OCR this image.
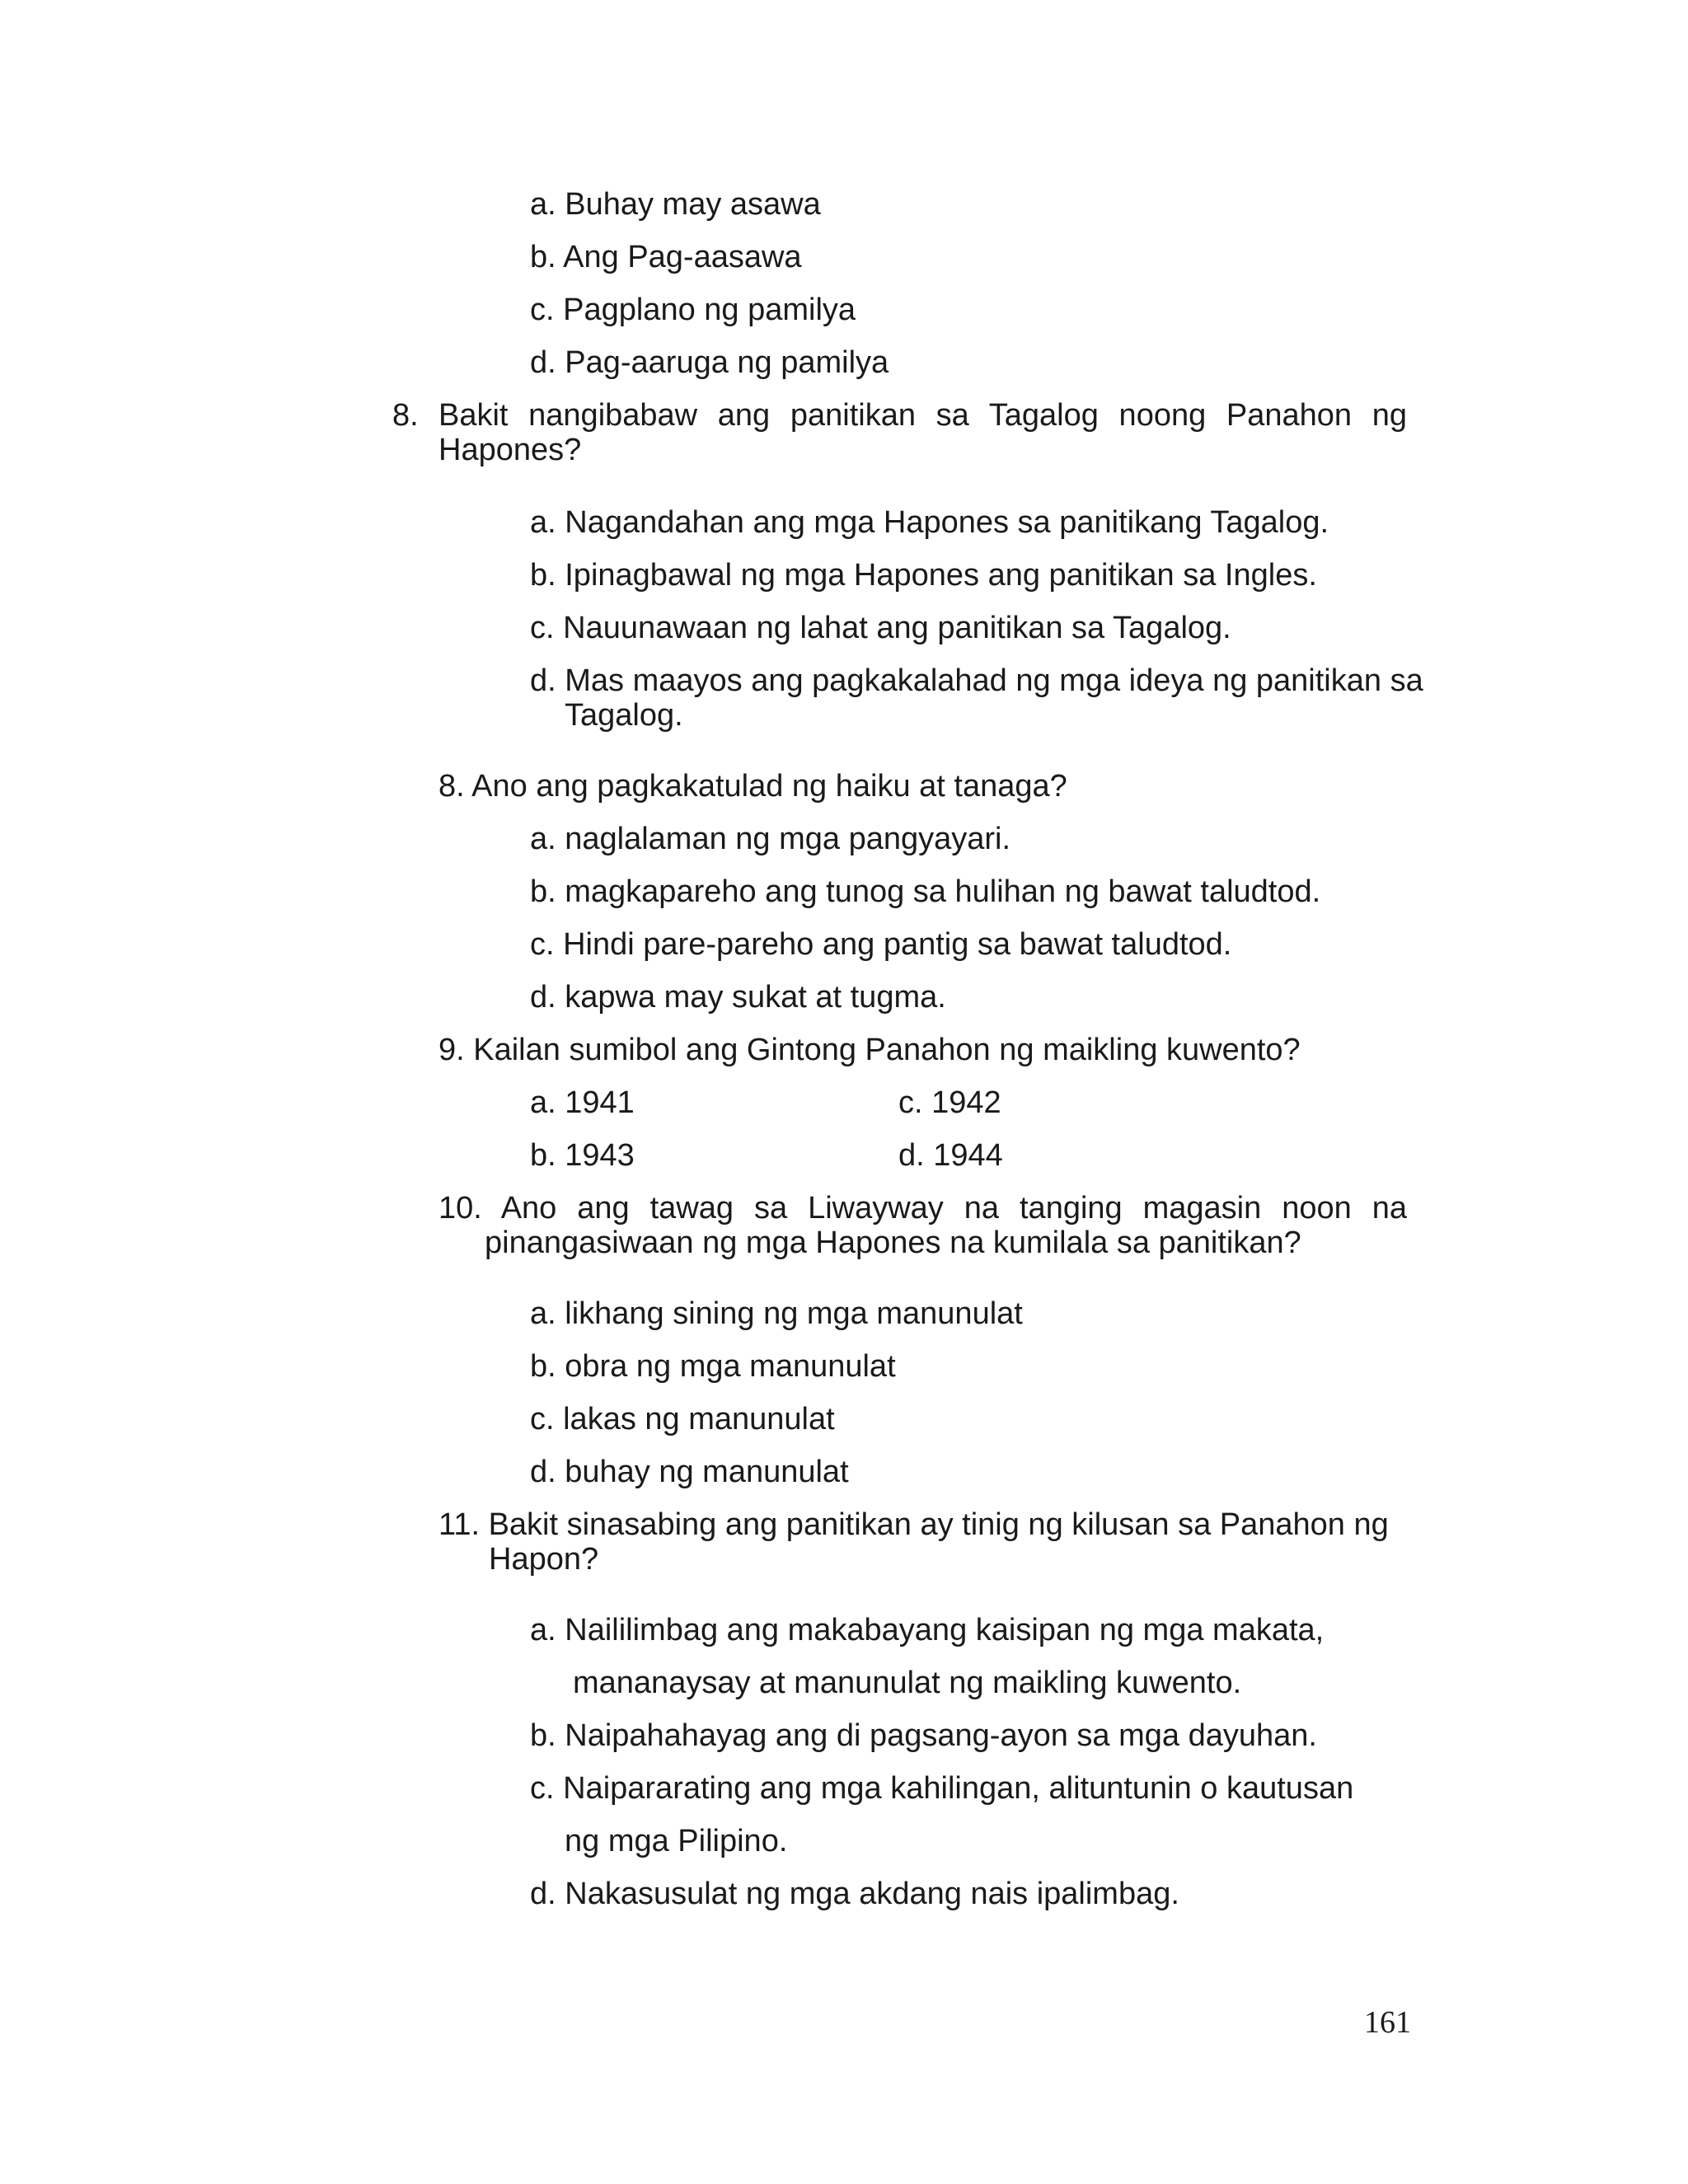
a. Buhay may asawa
b. Ang Pag-aasawa
c. Pagplano ng pamilya
d. Pag-aaruga ng pamilya
8. Bakit nangibabaw ang panitikan sa Tagalog noong Panahon ng
Hapones?
a. Nagandahan ang mga Hapones sa panitikang Tagalog.
b. Ipinagbawal ng mga Hapones ang panitikan sa Ingles.
c. Nauunawaan ng lahat ang panitikan sa Tagalog.
d. Mas maayos ang pagkakalahad ng mga ideya ng panitikan sa
Tagalog.
8. Ano ang pagkakatulad ng haiku at tanaga?
a. naglalaman ng mga pangyayari.
b. magkapareho ang tunog sa hulihan ng bawat taludtod.
c. Hindi pare-pareho ang pantig sa bawat taludtod.
d. kapwa may sukat at tugma.
9. Kailan sumibol ang Gintong Panahon ng maikling kuwento?
a. 1941	c. 1942
b. 1943	d. 1944
10. Ano ang tawag sa Liwayway na tanging magasin noon na
pinangasiwaan ng mga Hapones na kumilala sa panitikan?
a. likhang sining ng mga manunulat
b. obra ng mga manunulat
c. lakas ng manunulat
d. buhay ng manunulat
11. Bakit sinasabing ang panitikan ay tinig ng kilusan sa Panahon ng
Hapon?
a. Naililimbag ang makabayang kaisipan ng mga makata,
mananaysay at manunulat ng maikling kuwento.
b. Naipahahayag ang di pagsang-ayon sa mga dayuhan.
c. Naipararating ang mga kahilingan, alituntunin o kautusan
ng mga Pilipino.
d. Nakasusulat ng mga akdang nais ipalimbag.
161
